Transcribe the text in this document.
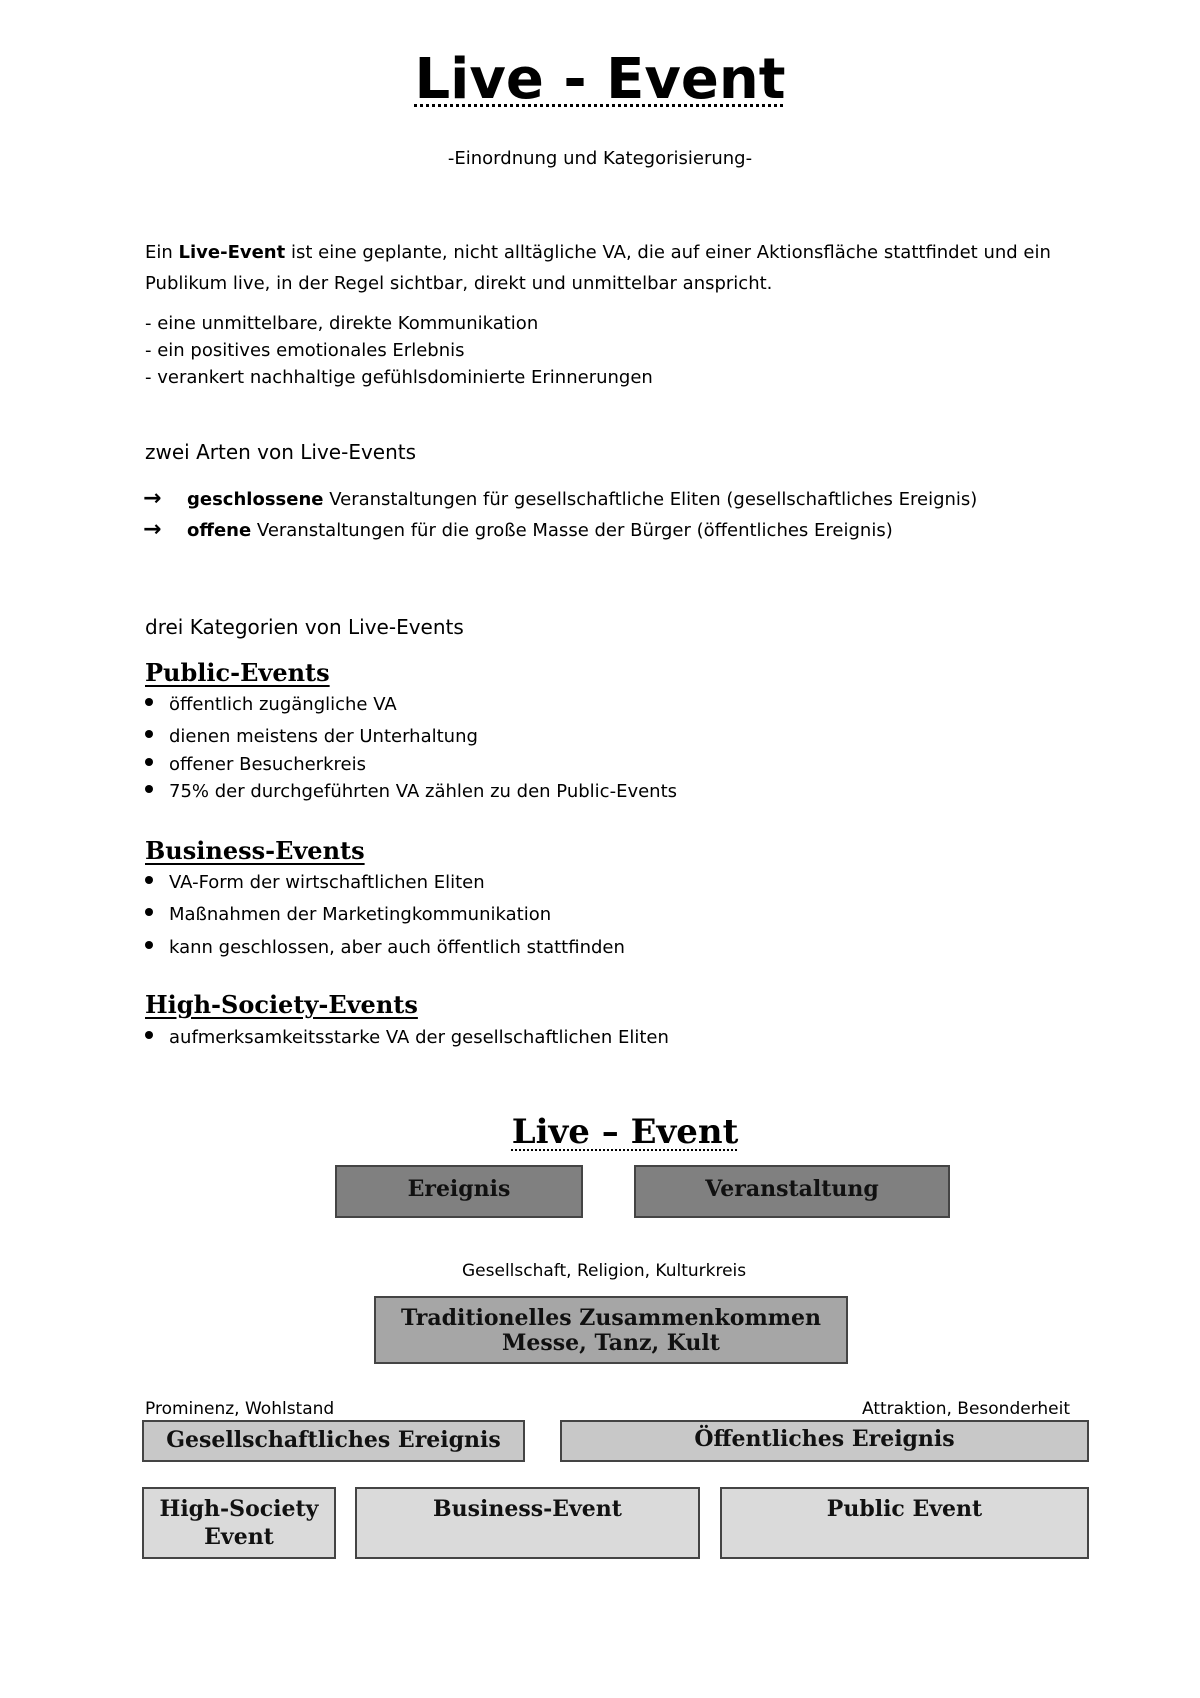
Live - Event
-Einordnung und Kategorisierung-
Ein Live-Event ist eine geplante, nicht alltägliche VA, die auf einer Aktionsfläche stattfindet und ein Publikum live, in der Regel sichtbar, direkt und unmittelbar anspricht.
- eine unmittelbare, direkte Kommunikation
- ein positives emotionales Erlebnis
- verankert nachhaltige gefühlsdominierte Erinnerungen
zwei Arten von Live-Events
→ geschlossene Veranstaltungen für gesellschaftliche Eliten (gesellschaftliches Ereignis)
→ offene Veranstaltungen für die große Masse der Bürger (öffentliches Ereignis)
drei Kategorien von Live-Events
Public-Events
öffentlich zugängliche VA
dienen meistens der Unterhaltung
offener Besucherkreis
75% der durchgeführten VA zählen zu den Public-Events
Business-Events
VA-Form der wirtschaftlichen Eliten
Maßnahmen der Marketingkommunikation
kann geschlossen, aber auch öffentlich stattfinden
High-Society-Events
aufmerksamkeitsstarke VA der gesellschaftlichen Eliten
Live – Event
Ereignis	Veranstaltung
Gesellschaft, Religion, Kulturkreis
Traditionelles Zusammenkommen
Messe, Tanz, Kult
Prominenz, Wohlstand	Attraktion, Besonderheit
Gesellschaftliches Ereignis	Öffentliches Ereignis
High-Society
Event
Business-Event	Public Event
